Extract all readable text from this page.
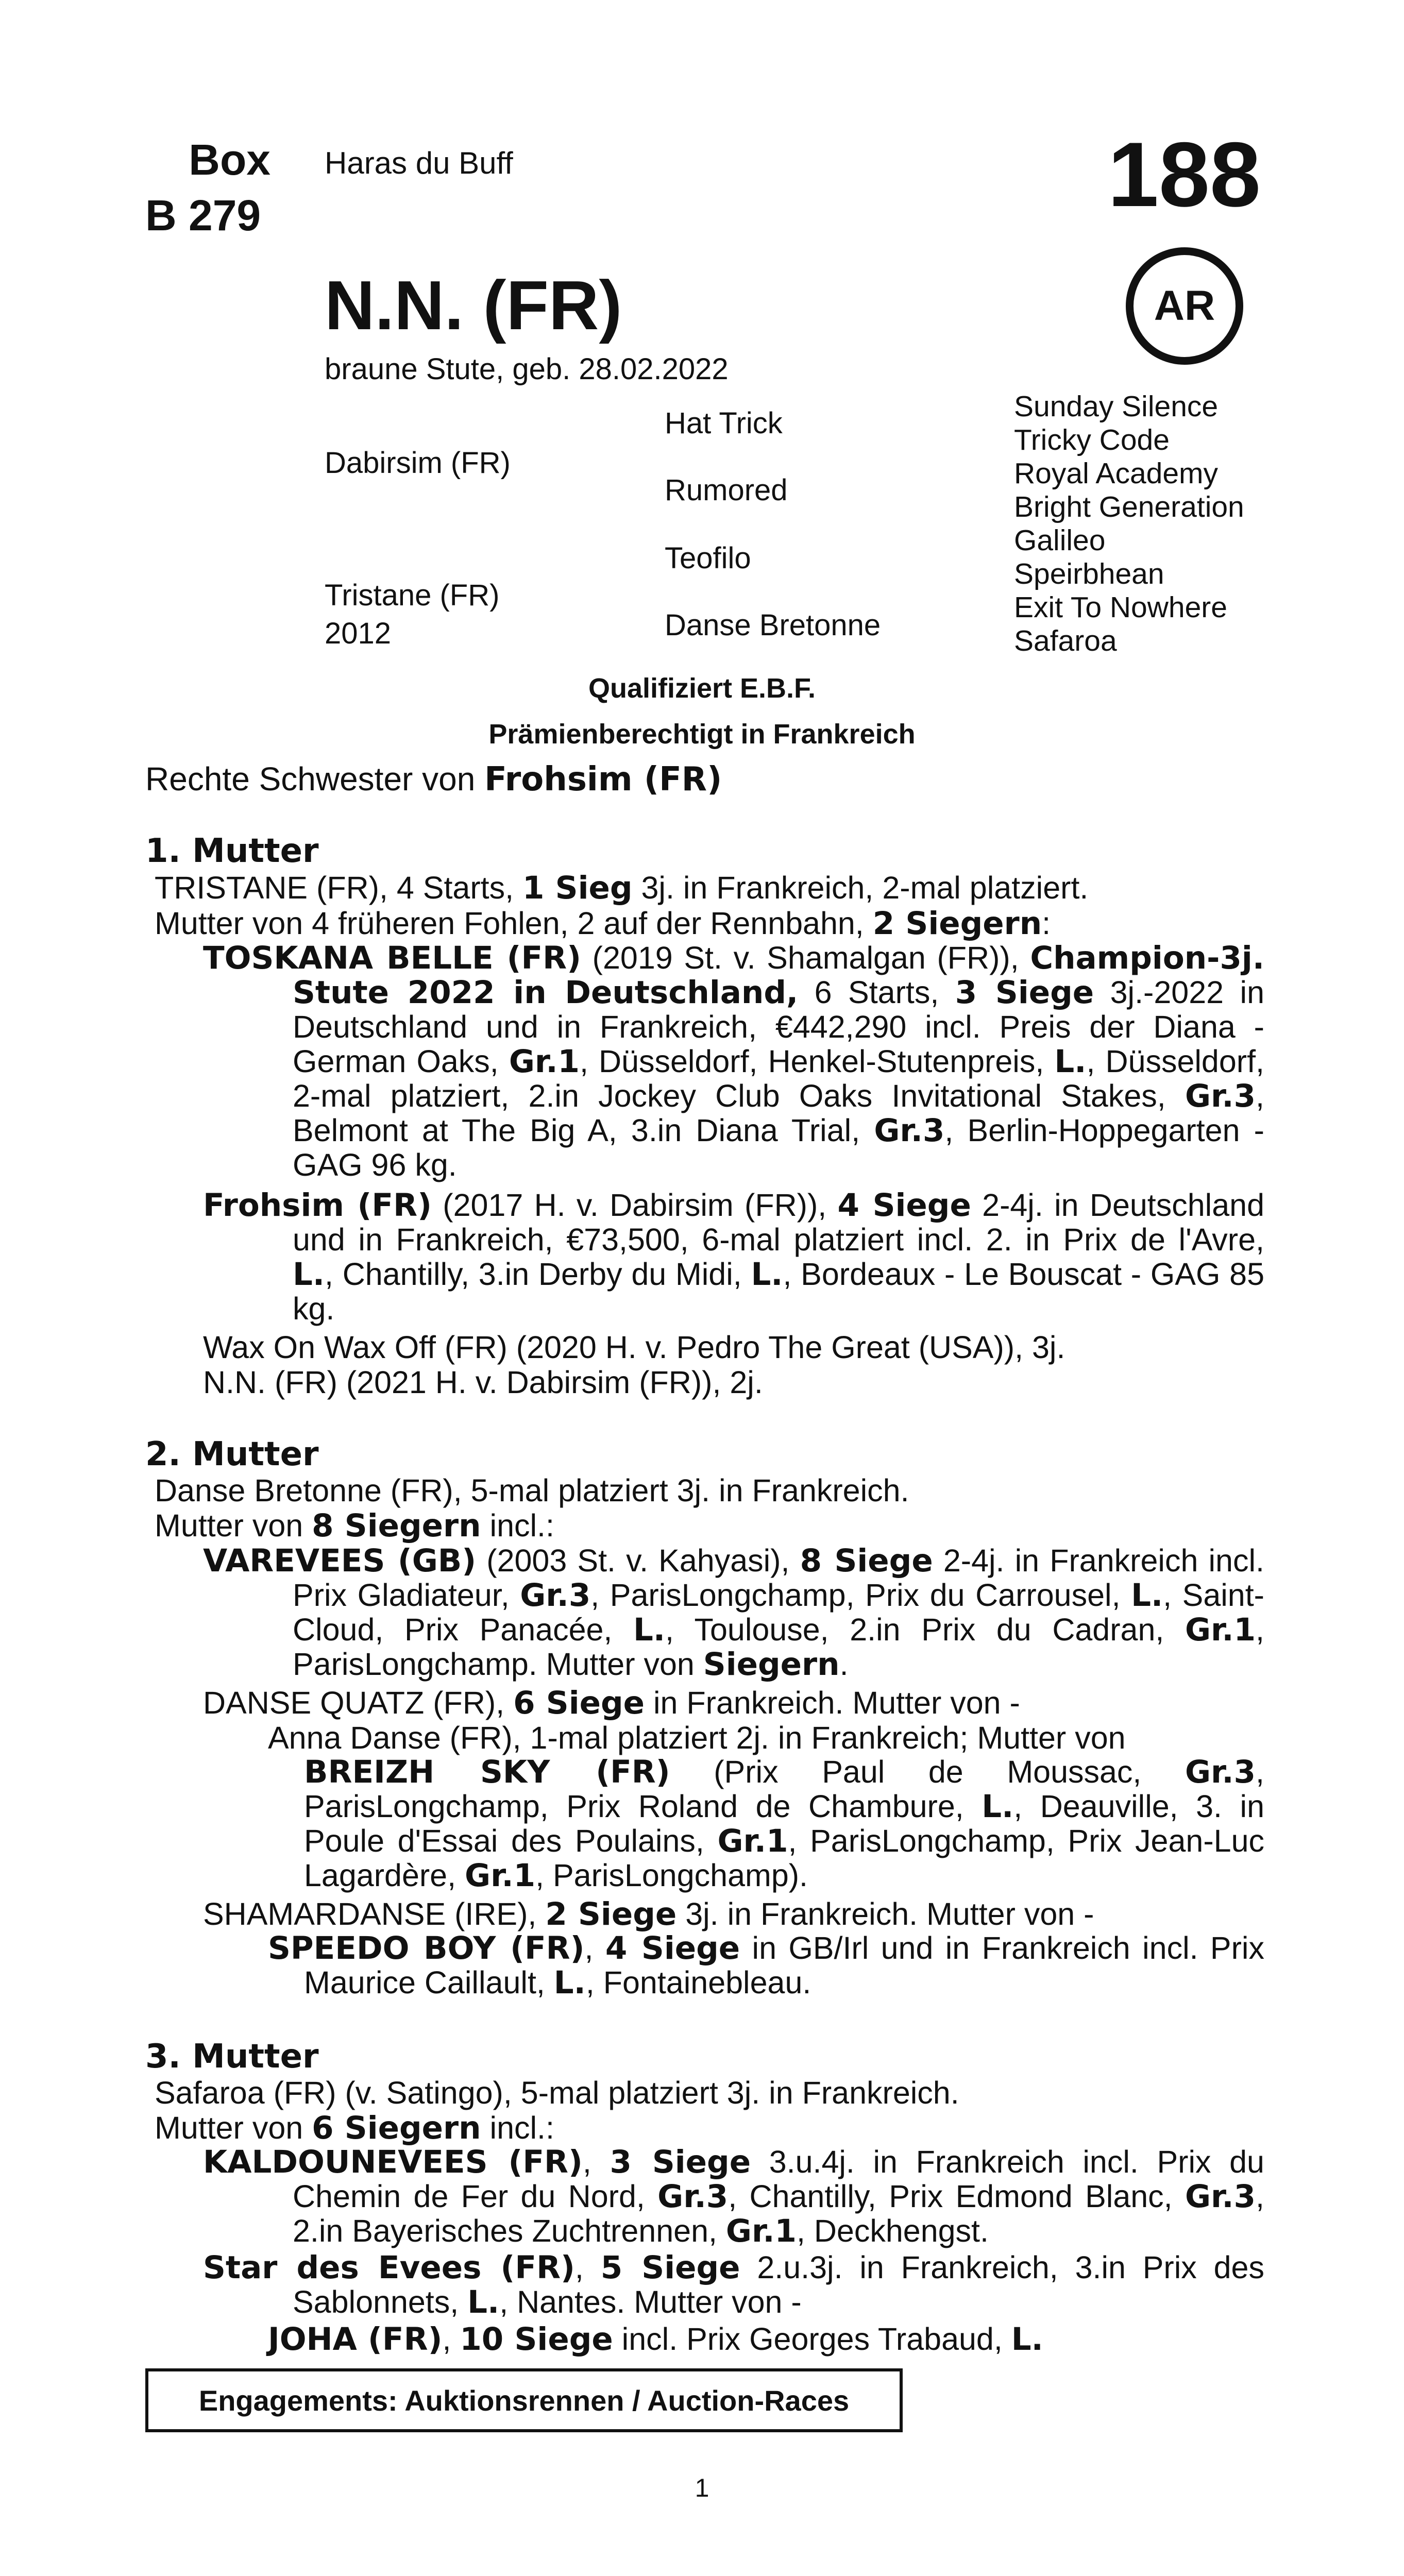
Box
B 279
Haras du Buff	188
AR
N.N. (FR)
braune Stute, geb. 28.02.2022
Dabirsim (FR)
Tristane (FR)
2012
Hat Trick
Rumored
Teofilo
Danse Bretonne
Sunday Silence
Tricky Code
Royal Academy
Bright Generation
Galileo
Speirbhean
Exit To Nowhere
Safaroa
Qualifiziert E.B.F.
Prämienberechtigt in Frankreich
Rechte Schwester von Frohsim (FR)
1. Mutter
TRISTANE (FR), 4 Starts, 1 Sieg 3j. in Frankreich, 2-mal platziert.
Mutter von 4 früheren Fohlen, 2 auf der Rennbahn, 2 Siegern:
TOSKANA BELLE (FR) (2019 St. v. Shamalgan (FR)), Champion-3j. Stute 2022 in Deutschland, 6 Starts, 3 Siege 3j.-2022 in Deutschland und in Frankreich, €442,290 incl. Preis der Diana - German Oaks, Gr.1, Düsseldorf, Henkel-Stutenpreis, L., Düsseldorf, 2-mal platziert, 2.in Jockey Club Oaks Invitational Stakes, Gr.3, Belmont at The Big A, 3.in Diana Trial, Gr.3, Berlin-Hoppegarten - GAG 96 kg.
Frohsim (FR) (2017 H. v. Dabirsim (FR)), 4 Siege 2-4j. in Deutschland und in Frankreich, €73,500, 6-mal platziert incl. 2. in Prix de l'Avre, L., Chantilly, 3.in Derby du Midi, L., Bordeaux - Le Bouscat - GAG 85 kg.
Wax On Wax Off (FR) (2020 H. v. Pedro The Great (USA)), 3j.
N.N. (FR) (2021 H. v. Dabirsim (FR)), 2j.
2. Mutter
Danse Bretonne (FR), 5-mal platziert 3j. in Frankreich.
Mutter von 8 Siegern incl.:
VAREVEES (GB) (2003 St. v. Kahyasi), 8 Siege 2-4j. in Frankreich incl. Prix Gladiateur, Gr.3, ParisLongchamp, Prix du Carrousel, L., Saint-Cloud, Prix Panacée, L., Toulouse, 2.in Prix du Cadran, Gr.1, ParisLongchamp. Mutter von Siegern.
DANSE QUATZ (FR), 6 Siege in Frankreich. Mutter von -
Anna Danse (FR), 1-mal platziert 2j. in Frankreich; Mutter von
BREIZH SKY (FR) (Prix Paul de Moussac, Gr.3, ParisLongchamp, Prix Roland de Chambure, L., Deauville, 3. in Poule d'Essai des Poulains, Gr.1, ParisLongchamp, Prix Jean-Luc Lagardère, Gr.1, ParisLongchamp).
SHAMARDANSE (IRE), 2 Siege 3j. in Frankreich. Mutter von -
SPEEDO BOY (FR), 4 Siege in GB/Irl und in Frankreich incl. Prix Maurice Caillault, L., Fontainebleau.
3. Mutter
Safaroa (FR) (v. Satingo), 5-mal platziert 3j. in Frankreich.
Mutter von 6 Siegern incl.:
KALDOUNEVEES (FR), 3 Siege 3.u.4j. in Frankreich incl. Prix du Chemin de Fer du Nord, Gr.3, Chantilly, Prix Edmond Blanc, Gr.3, 2.in Bayerisches Zuchtrennen, Gr.1, Deckhengst.
Star des Evees (FR), 5 Siege 2.u.3j. in Frankreich, 3.in Prix des Sablonnets, L., Nantes. Mutter von -
JOHA (FR), 10 Siege incl. Prix Georges Trabaud, L.
Engagements: Auktionsrennen / Auction-Races
1
